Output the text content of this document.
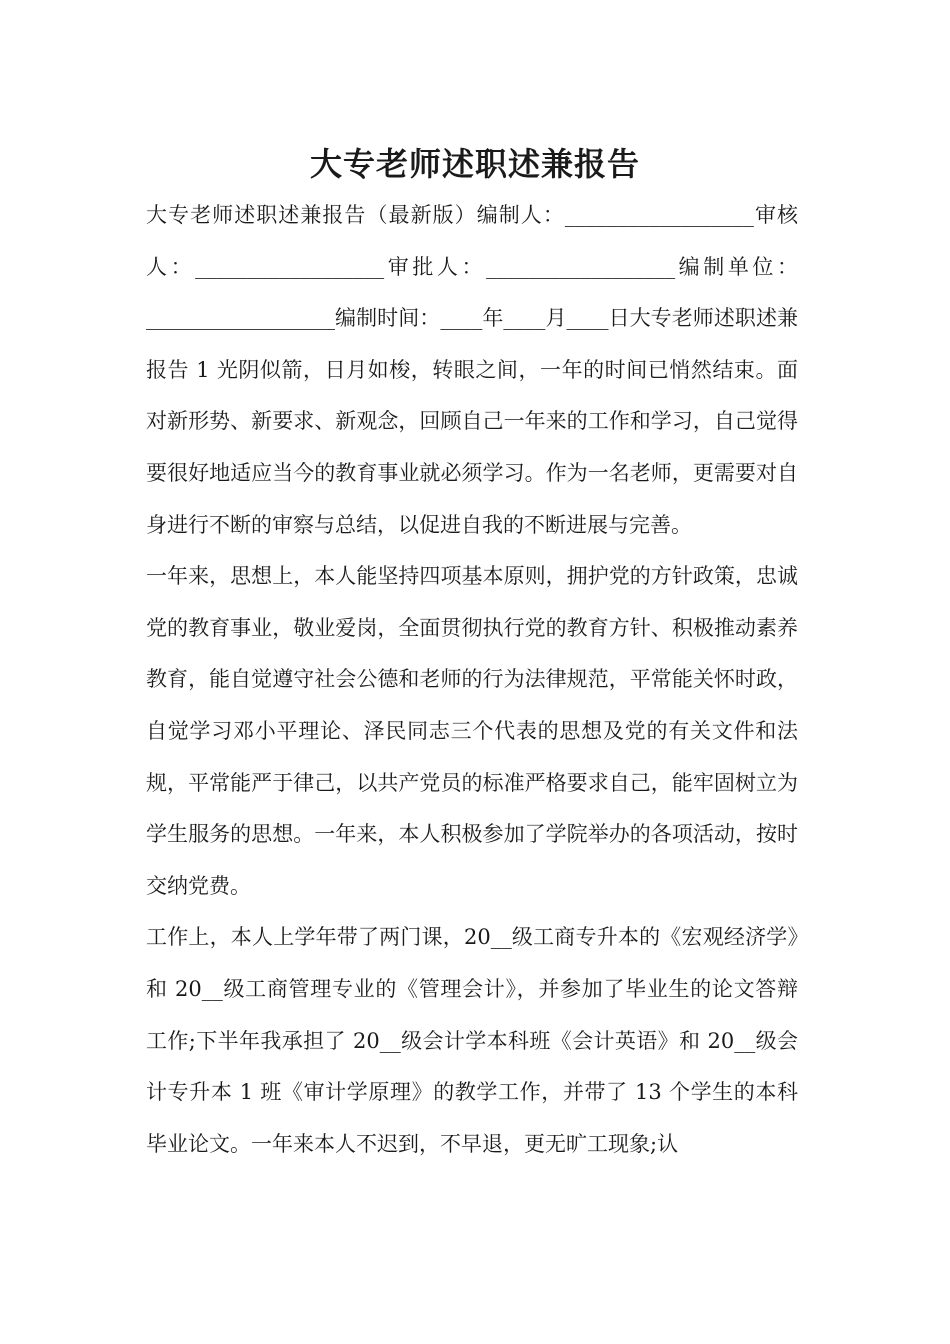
大专老师述职述兼报告

大专老师述职述兼报告（最新版）编制人：__________________审核人：__________________审批人：__________________编制单位：__________________编制时间：____年____月____日大专老师述职述兼报告 1 光阴似箭，日月如梭，转眼之间，一年的时间已悄然结束。面对新形势、新要求、新观念，回顾自己一年来的工作和学习，自己觉得要很好地适应当今的教育事业就必须学习。作为一名老师，更需要对自身进行不断的审察与总结，以促进自我的不断进展与完善。

一年来，思想上，本人能坚持四项基本原则，拥护党的方针政策，忠诚党的教育事业，敬业爱岗，全面贯彻执行党的教育方针、积极推动素养教育，能自觉遵守社会公德和老师的行为法律规范，平常能关怀时政，自觉学习邓小平理论、泽民同志三个代表的思想及党的有关文件和法规，平常能严于律己，以共产党员的标准严格要求自己，能牢固树立为学生服务的思想。一年来，本人积极参加了学院举办的各项活动，按时交纳党费。

工作上，本人上学年带了两门课，20__级工商专升本的《宏观经济学》和 20__级工商管理专业的《管理会计》，并参加了毕业生的论文答辩工作;下半年我承担了 20__级会计学本科班《会计英语》和 20__级会计专升本 1 班《审计学原理》的教学工作，并带了 13 个学生的本科毕业论文。一年来本人不迟到，不早退，更无旷工现象;认
